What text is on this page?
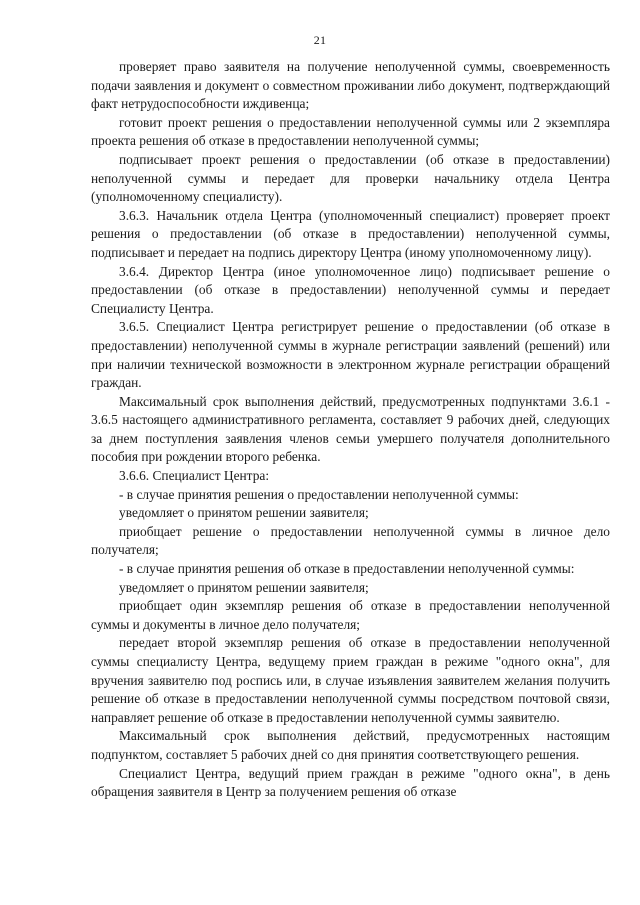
21

проверяет право заявителя на получение неполученной суммы, своевременность подачи заявления и документ о совместном проживании либо документ, подтверждающий факт нетрудоспособности иждивенца;

готовит проект решения о предоставлении неполученной суммы или 2 экземпляра проекта решения об отказе в предоставлении неполученной суммы;

подписывает проект решения о предоставлении (об отказе в предоставлении) неполученной суммы и передает для проверки начальнику отдела Центра (уполномоченному специалисту).

3.6.3. Начальник отдела Центра (уполномоченный специалист) проверяет проект решения о предоставлении (об отказе в предоставлении) неполученной суммы, подписывает и передает на подпись директору Центра (иному уполномоченному лицу).

3.6.4. Директор Центра (иное уполномоченное лицо) подписывает решение о предоставлении (об отказе в предоставлении) неполученной суммы и передает Специалисту Центра.

3.6.5. Специалист Центра регистрирует решение о предоставлении (об отказе в предоставлении) неполученной суммы в журнале регистрации заявлений (решений) или при наличии технической возможности в электронном журнале регистрации обращений граждан.

Максимальный срок выполнения действий, предусмотренных подпунктами 3.6.1 - 3.6.5 настоящего административного регламента, составляет 9 рабочих дней, следующих за днем поступления заявления членов семьи умершего получателя дополнительного пособия при рождении второго ребенка.

3.6.6. Специалист Центра:

- в случае принятия решения о предоставлении неполученной суммы:

уведомляет о принятом решении заявителя;

приобщает решение о предоставлении неполученной суммы в личное дело получателя;

- в случае принятия решения об отказе в предоставлении неполученной суммы:

уведомляет о принятом решении заявителя;

приобщает один экземпляр решения об отказе в предоставлении неполученной суммы и документы в личное дело получателя;

передает второй экземпляр решения об отказе в предоставлении неполученной суммы специалисту Центра, ведущему прием граждан в режиме "одного окна", для вручения заявителю под роспись или, в случае изъявления заявителем желания получить решение об отказе в предоставлении неполученной суммы посредством почтовой связи, направляет решение об отказе в предоставлении неполученной суммы заявителю.

Максимальный срок выполнения действий, предусмотренных настоящим подпунктом, составляет 5 рабочих дней со дня принятия соответствующего решения.

Специалист Центра, ведущий прием граждан в режиме "одного окна", в день обращения заявителя в Центр за получением решения об отказе
